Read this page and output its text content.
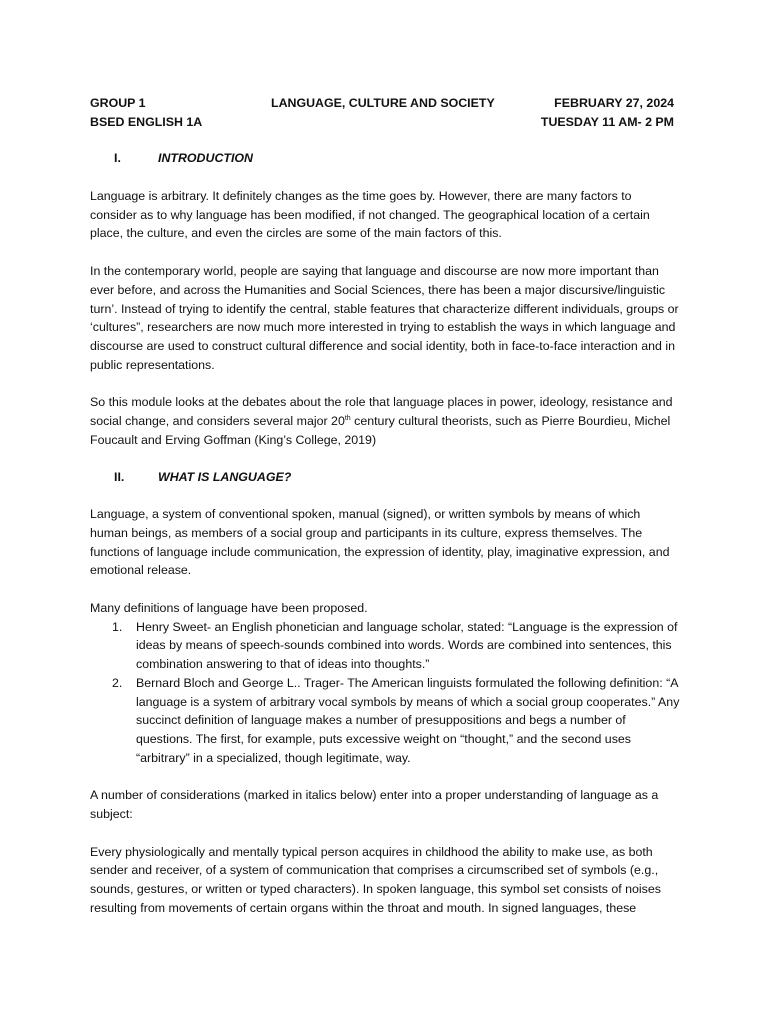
GROUP 1	LANGUAGE, CULTURE AND SOCIETY	FEBRUARY 27, 2024
BSED ENGLISH 1A	TUESDAY 11 AM- 2 PM
I.	INTRODUCTION

Language is arbitrary. It definitely changes as the time goes by. However, there are many factors to consider as to why language has been modified, if not changed. The geographical location of a certain place, the culture, and even the circles are some of the main factors of this.

In the contemporary world, people are saying that language and discourse are now more important than ever before, and across the Humanities and Social Sciences, there has been a major discursive/linguistic turn’. Instead of trying to identify the central, stable features that characterize different individuals, groups or ‘cultures”, researchers are now much more interested in trying to establish the ways in which language and discourse are used to construct cultural difference and social identity, both in face-to-face interaction and in public representations.

So this module looks at the debates about the role that language places in power, ideology, resistance and social change, and considers several major 20th century cultural theorists, such as Pierre Bourdieu, Michel Foucault and Erving Goffman (King’s College, 2019)

II.	WHAT IS LANGUAGE?

Language, a system of conventional spoken, manual (signed), or written symbols by means of which human beings, as members of a social group and participants in its culture, express themselves. The functions of language include communication, the expression of identity, play, imaginative expression, and emotional release.

Many definitions of language have been proposed.

1. Henry Sweet- an English phonetician and language scholar, stated: “Language is the expression of ideas by means of speech-sounds combined into words. Words are combined into sentences, this combination answering to that of ideas into thoughts.”
2. Bernard Bloch and George L.. Trager- The American linguists formulated the following definition: “A language is a system of arbitrary vocal symbols by means of which a social group cooperates.” Any succinct definition of language makes a number of presuppositions and begs a number of questions. The first, for example, puts excessive weight on “thought,” and the second uses “arbitrary” in a specialized, though legitimate, way.

A number of considerations (marked in italics below) enter into a proper understanding of language as a subject:

Every physiologically and mentally typical person acquires in childhood the ability to make use, as both sender and receiver, of a system of communication that comprises a circumscribed set of symbols (e.g., sounds, gestures, or written or typed characters). In spoken language, this symbol set consists of noises resulting from movements of certain organs within the throat and mouth. In signed languages, these
